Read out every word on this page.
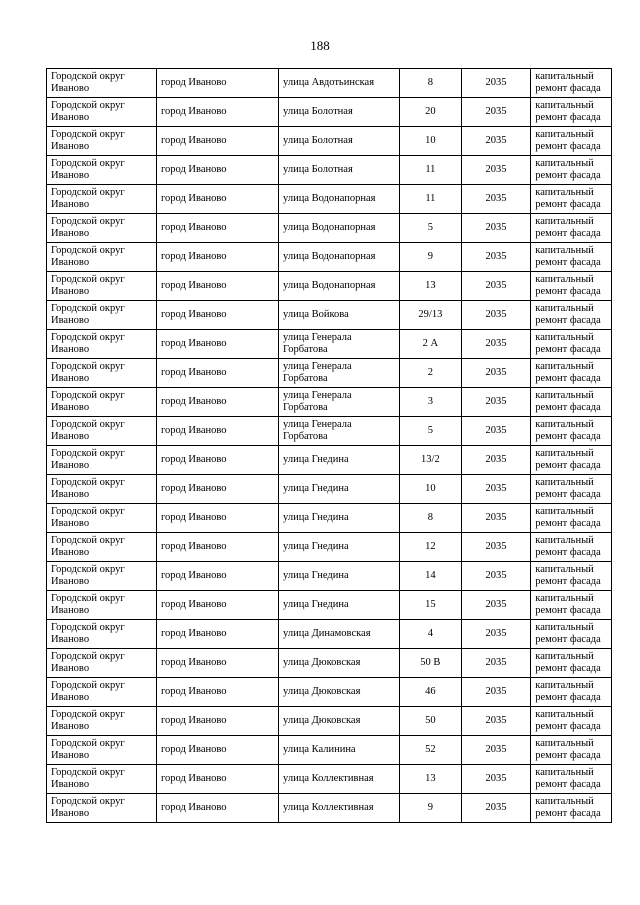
188
Городской округ Иваново	город Иваново	улица Авдотьинская	8	2035	капитальный ремонт фасада
Городской округ Иваново	город Иваново	улица Болотная	20	2035	капитальный ремонт фасада
Городской округ Иваново	город Иваново	улица Болотная	10	2035	капитальный ремонт фасада
Городской округ Иваново	город Иваново	улица Болотная	11	2035	капитальный ремонт фасада
Городской округ Иваново	город Иваново	улица Водонапорная	11	2035	капитальный ремонт фасада
Городской округ Иваново	город Иваново	улица Водонапорная	5	2035	капитальный ремонт фасада
Городской округ Иваново	город Иваново	улица Водонапорная	9	2035	капитальный ремонт фасада
Городской округ Иваново	город Иваново	улица Водонапорная	13	2035	капитальный ремонт фасада
Городской округ Иваново	город Иваново	улица Войкова	29/13	2035	капитальный ремонт фасада
Городской округ Иваново	город Иваново	улица Генерала Горбатова	2 А	2035	капитальный ремонт фасада
Городской округ Иваново	город Иваново	улица Генерала Горбатова	2	2035	капитальный ремонт фасада
Городской округ Иваново	город Иваново	улица Генерала Горбатова	3	2035	капитальный ремонт фасада
Городской округ Иваново	город Иваново	улица Генерала Горбатова	5	2035	капитальный ремонт фасада
Городской округ Иваново	город Иваново	улица Гнедина	13/2	2035	капитальный ремонт фасада
Городской округ Иваново	город Иваново	улица Гнедина	10	2035	капитальный ремонт фасада
Городской округ Иваново	город Иваново	улица Гнедина	8	2035	капитальный ремонт фасада
Городской округ Иваново	город Иваново	улица Гнедина	12	2035	капитальный ремонт фасада
Городской округ Иваново	город Иваново	улица Гнедина	14	2035	капитальный ремонт фасада
Городской округ Иваново	город Иваново	улица Гнедина	15	2035	капитальный ремонт фасада
Городской округ Иваново	город Иваново	улица Динамовская	4	2035	капитальный ремонт фасада
Городской округ Иваново	город Иваново	улица Дюковская	50 В	2035	капитальный ремонт фасада
Городской округ Иваново	город Иваново	улица Дюковская	46	2035	капитальный ремонт фасада
Городской округ Иваново	город Иваново	улица Дюковская	50	2035	капитальный ремонт фасада
Городской округ Иваново	город Иваново	улица Калинина	52	2035	капитальный ремонт фасада
Городской округ Иваново	город Иваново	улица Коллективная	13	2035	капитальный ремонт фасада
Городской округ Иваново	город Иваново	улица Коллективная	9	2035	капитальный ремонт фасада
